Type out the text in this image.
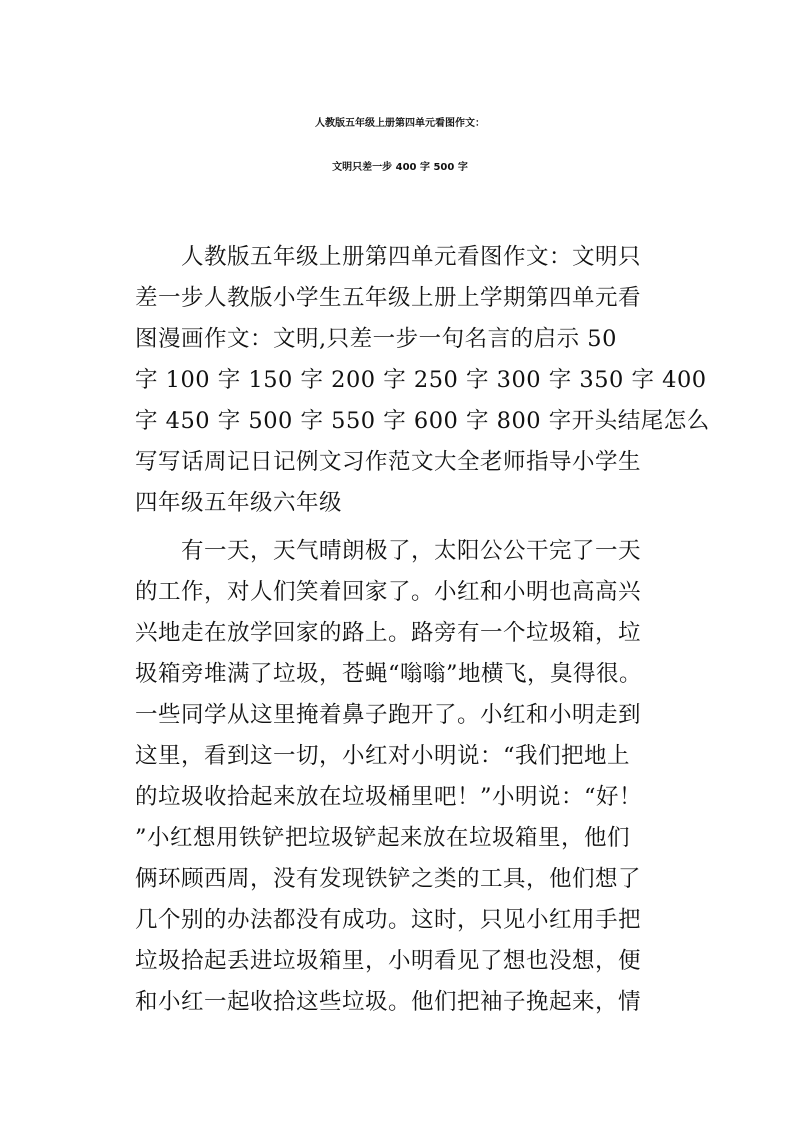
人教版五年级上册第四单元看图作文：
文明只差一步 400 字 500 字
　　人教版五年级上册第四单元看图作文：文明只
差一步人教版小学生五年级上册上学期第四单元看
图漫画作文：文明,只差一步一句名言的启示 50
字 100 字 150 字 200 字 250 字 300 字 350 字 400
字 450 字 500 字 550 字 600 字 800 字开头结尾怎么
写写话周记日记例文习作范文大全老师指导小学生
四年级五年级六年级
　　有一天，天气晴朗极了，太阳公公干完了一天
的工作，对人们笑着回家了。小红和小明也高高兴
兴地走在放学回家的路上。路旁有一个垃圾箱，垃
圾箱旁堆满了垃圾，苍蝇“嗡嗡”地横飞，臭得很。
一些同学从这里掩着鼻子跑开了。小红和小明走到
这里，看到这一切，小红对小明说：“我们把地上
的垃圾收拾起来放在垃圾桶里吧！”小明说：“好！
”小红想用铁铲把垃圾铲起来放在垃圾箱里，他们
俩环顾西周，没有发现铁铲之类的工具，他们想了
几个别的办法都没有成功。这时，只见小红用手把
垃圾拾起丢进垃圾箱里，小明看见了想也没想，便
和小红一起收拾这些垃圾。他们把袖子挽起来，情
